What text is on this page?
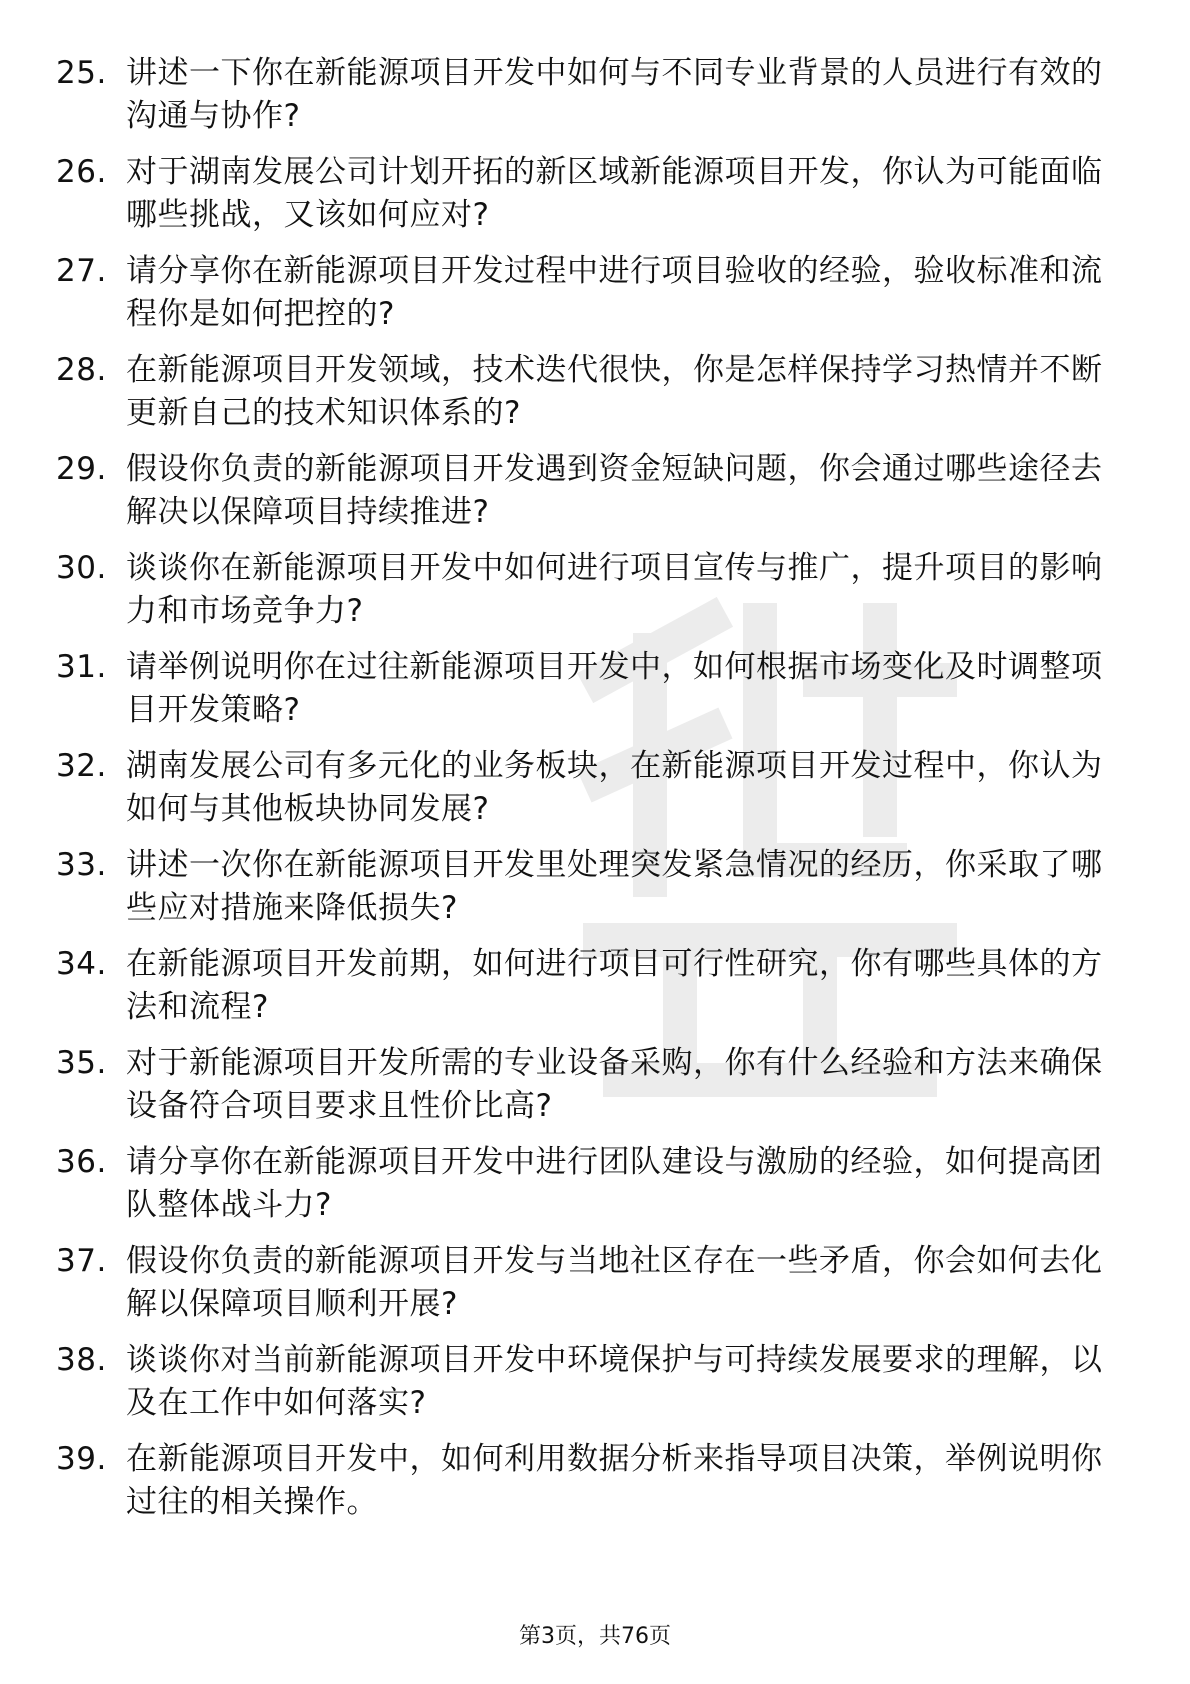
25. 讲述一下你在新能源项目开发中如何与不同专业背景的人员进行有效的沟通与协作?
26. 对于湖南发展公司计划开拓的新区域新能源项目开发，你认为可能面临哪些挑战，又该如何应对?
27. 请分享你在新能源项目开发过程中进行项目验收的经验，验收标准和流程你是如何把控的?
28. 在新能源项目开发领域，技术迭代很快，你是怎样保持学习热情并不断更新自己的技术知识体系的?
29. 假设你负责的新能源项目开发遇到资金短缺问题，你会通过哪些途径去解决以保障项目持续推进?
30. 谈谈你在新能源项目开发中如何进行项目宣传与推广，提升项目的影响力和市场竞争力?
31. 请举例说明你在过往新能源项目开发中，如何根据市场变化及时调整项目开发策略?
32. 湖南发展公司有多元化的业务板块，在新能源项目开发过程中，你认为如何与其他板块协同发展?
33. 讲述一次你在新能源项目开发里处理突发紧急情况的经历，你采取了哪些应对措施来降低损失?
34. 在新能源项目开发前期，如何进行项目可行性研究，你有哪些具体的方法和流程?
35. 对于新能源项目开发所需的专业设备采购，你有什么经验和方法来确保设备符合项目要求且性价比高?
36. 请分享你在新能源项目开发中进行团队建设与激励的经验，如何提高团队整体战斗力?
37. 假设你负责的新能源项目开发与当地社区存在一些矛盾，你会如何去化解以保障项目顺利开展?
38. 谈谈你对当前新能源项目开发中环境保护与可持续发展要求的理解，以及在工作中如何落实?
39. 在新能源项目开发中，如何利用数据分析来指导项目决策，举例说明你过往的相关操作。
第3页，共76页
